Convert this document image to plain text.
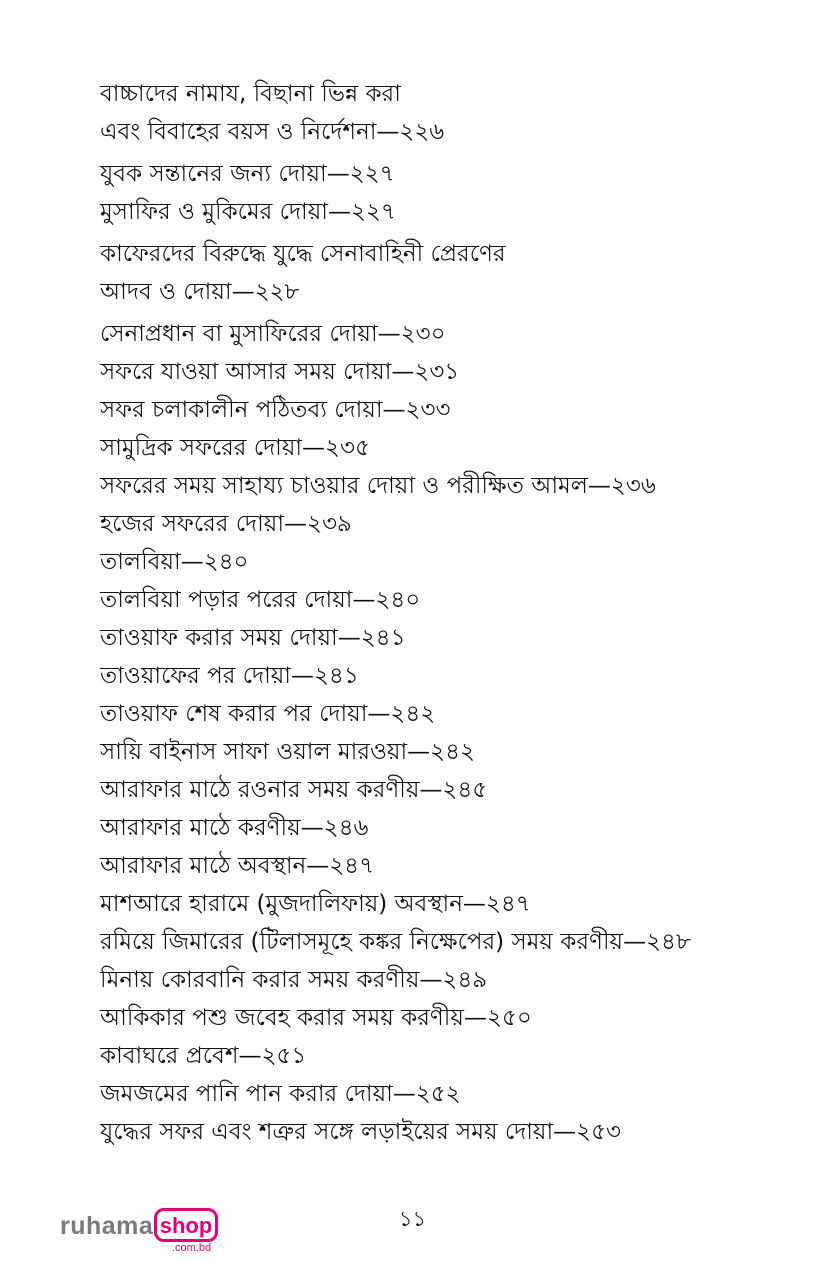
বাচ্চাদের নামায, বিছানা ভিন্ন করা
এবং বিবাহের বয়স ও নির্দেশনা—২২৬
যুবক সন্তানের জন্য দোয়া—২২৭
মুসাফির ও মুকিমের দোয়া—২২৭
কাফেরদের বিরুদ্ধে যুদ্ধে সেনাবাহিনী প্রেরণের
আদব ও দোয়া—২২৮
সেনাপ্রধান বা মুসাফিরের দোয়া—২৩০
সফরে যাওয়া আসার সময় দোয়া—২৩১
সফর চলাকালীন পঠিতব্য দোয়া—২৩৩
সামুদ্রিক সফরের দোয়া—২৩৫
সফরের সময় সাহায্য চাওয়ার দোয়া ও পরীক্ষিত আমল—২৩৬
হজের সফরের দোয়া—২৩৯
তালবিয়া—২৪০
তালবিয়া পড়ার পরের দোয়া—২৪০
তাওয়াফ করার সময় দোয়া—২৪১
তাওয়াফের পর দোয়া—২৪১
তাওয়াফ শেষ করার পর দোয়া—২৪২
সায়ি বাইনাস সাফা ওয়াল মারওয়া—২৪২
আরাফার মাঠে রওনার সময় করণীয়—২৪৫
আরাফার মাঠে করণীয়—২৪৬
আরাফার মাঠে অবস্থান—২৪৭
মাশআরে হারামে (মুজদালিফায়) অবস্থান—২৪৭
রমিয়ে জিমারের (টিলাসমূহে কঙ্কর নিক্ষেপের) সময় করণীয়—২৪৮
মিনায় কোরবানি করার সময় করণীয়—২৪৯
আকিকার পশু জবেহ করার সময় করণীয়—২৫০
কাবাঘরে প্রবেশ—২৫১
জমজমের পানি পান করার দোয়া—২৫২
যুদ্ধের সফর এবং শত্রুর সঙ্গে লড়াইয়ের সময় দোয়া—২৫৩
১১
ruhama shop
.com.bd
